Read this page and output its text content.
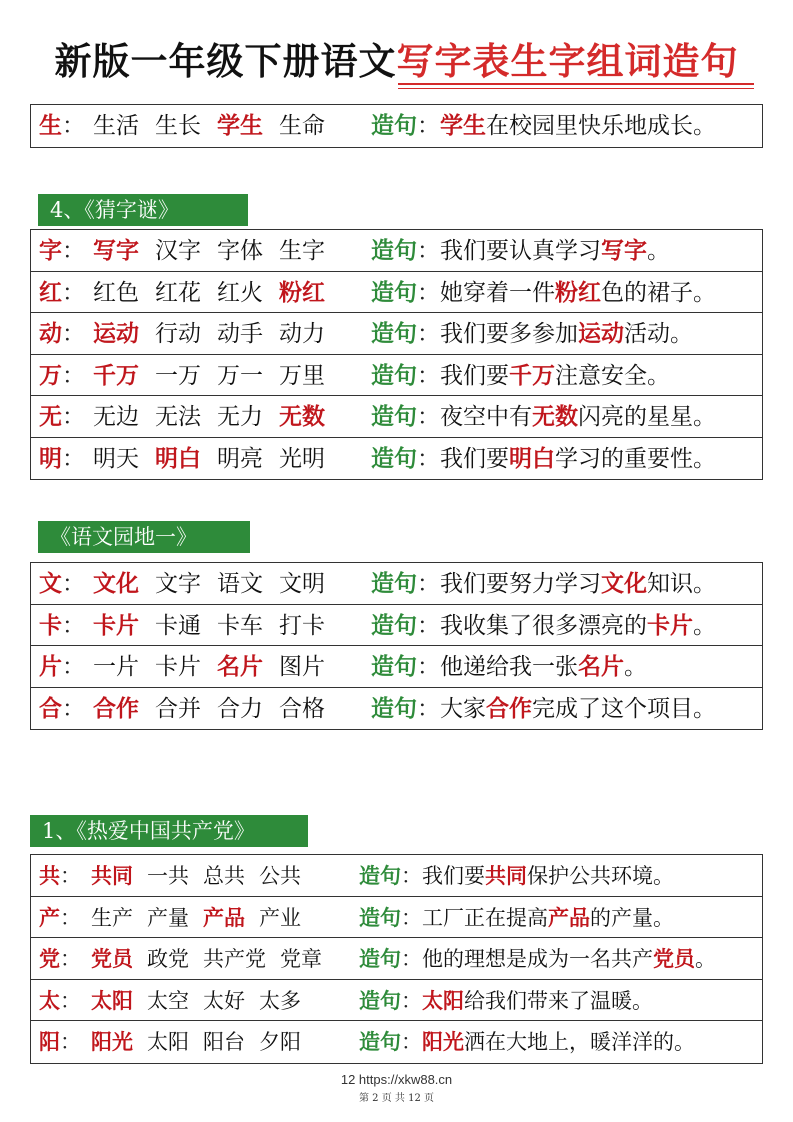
新版一年级下册语文写字表生字组词造句
生： 生活 生长 学生 生命	造句：学生在校园里快乐地成长。
4、《猜字谜》
字： 写字 汉字 字体 生字	造句：我们要认真学习写字。
红： 红色 红花 红火 粉红	造句：她穿着一件粉红色的裙子。
动： 运动 行动 动手 动力	造句：我们要多参加运动活动。
万： 千万 一万 万一 万里	造句：我们要千万注意安全。
无： 无边 无法 无力 无数	造句：夜空中有无数闪亮的星星。
明： 明天 明白 明亮 光明	造句：我们要明白学习的重要性。
《语文园地一》
文： 文化 文字 语文 文明	造句：我们要努力学习文化知识。
卡： 卡片 卡通 卡车 打卡	造句：我收集了很多漂亮的卡片。
片： 一片 卡片 名片 图片	造句：他递给我一张名片。
合： 合作 合并 合力 合格	造句：大家合作完成了这个项目。
1、《热爱中国共产党》
共： 共同 一共 总共 公共	造句：我们要共同保护公共环境。
产： 生产 产量 产品 产业	造句：工厂正在提高产品的产量。
党： 党员 政党 共产党 党章	造句：他的理想是成为一名共产党员。
太： 太阳 太空 太好 太多	造句：太阳给我们带来了温暖。
阳： 阳光 太阳 阳台 夕阳	造句：阳光洒在大地上，暖洋洋的。
12 https://xkw88.cn
第 2 页 共 12 页
